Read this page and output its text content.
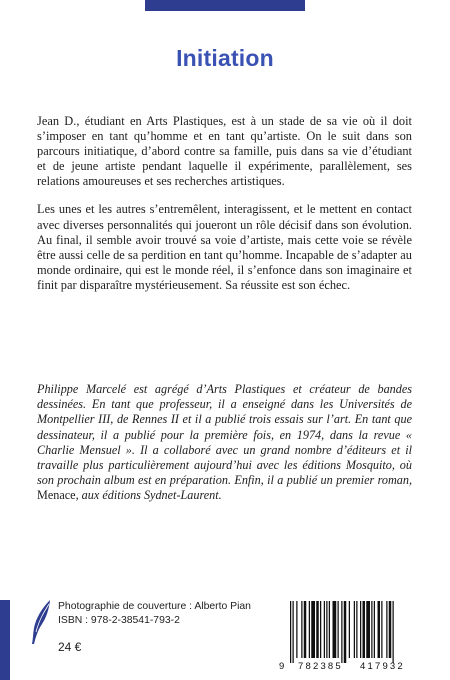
Initiation

Jean D., étudiant en Arts Plastiques, est à un stade de sa vie où il doit s’imposer en tant qu’homme et en tant qu’artiste. On le suit dans son parcours initiatique, d’abord contre sa famille, puis dans sa vie d’étudiant et de jeune artiste pendant laquelle il expérimente, parallèlement, ses relations amoureuses et ses recherches artistiques.

Les unes et les autres s’entremêlent, interagissent, et le mettent en contact avec diverses personnalités qui joueront un rôle décisif dans son évolution. Au final, il semble avoir trouvé sa voie d’artiste, mais cette voie se révèle être aussi celle de sa perdition en tant qu’homme. Incapable de s’adapter au monde ordinaire, qui est le monde réel, il s’enfonce dans son imaginaire et finit par disparaître mystérieusement. Sa réussite est son échec.

Philippe Marcelé est agrégé d’Arts Plastiques et créateur de bandes dessinées. En tant que professeur, il a enseigné dans les Universités de Montpellier III, de Rennes II et il a publié trois essais sur l’art. En tant que dessinateur, il a publié pour la première fois, en 1974, dans la revue « Charlie Mensuel ». Il a collaboré avec un grand nombre d’éditeurs et il travaille plus particulièrement aujourd’hui avec les éditions Mosquito, où son prochain album est en préparation. Enfin, il a publié un premier roman, Menace, aux éditions Sydnet-Laurent.
Photographie de couverture : Alberto Pian
ISBN : 978-2-38541-793-2
24 €
9 782385 417932
